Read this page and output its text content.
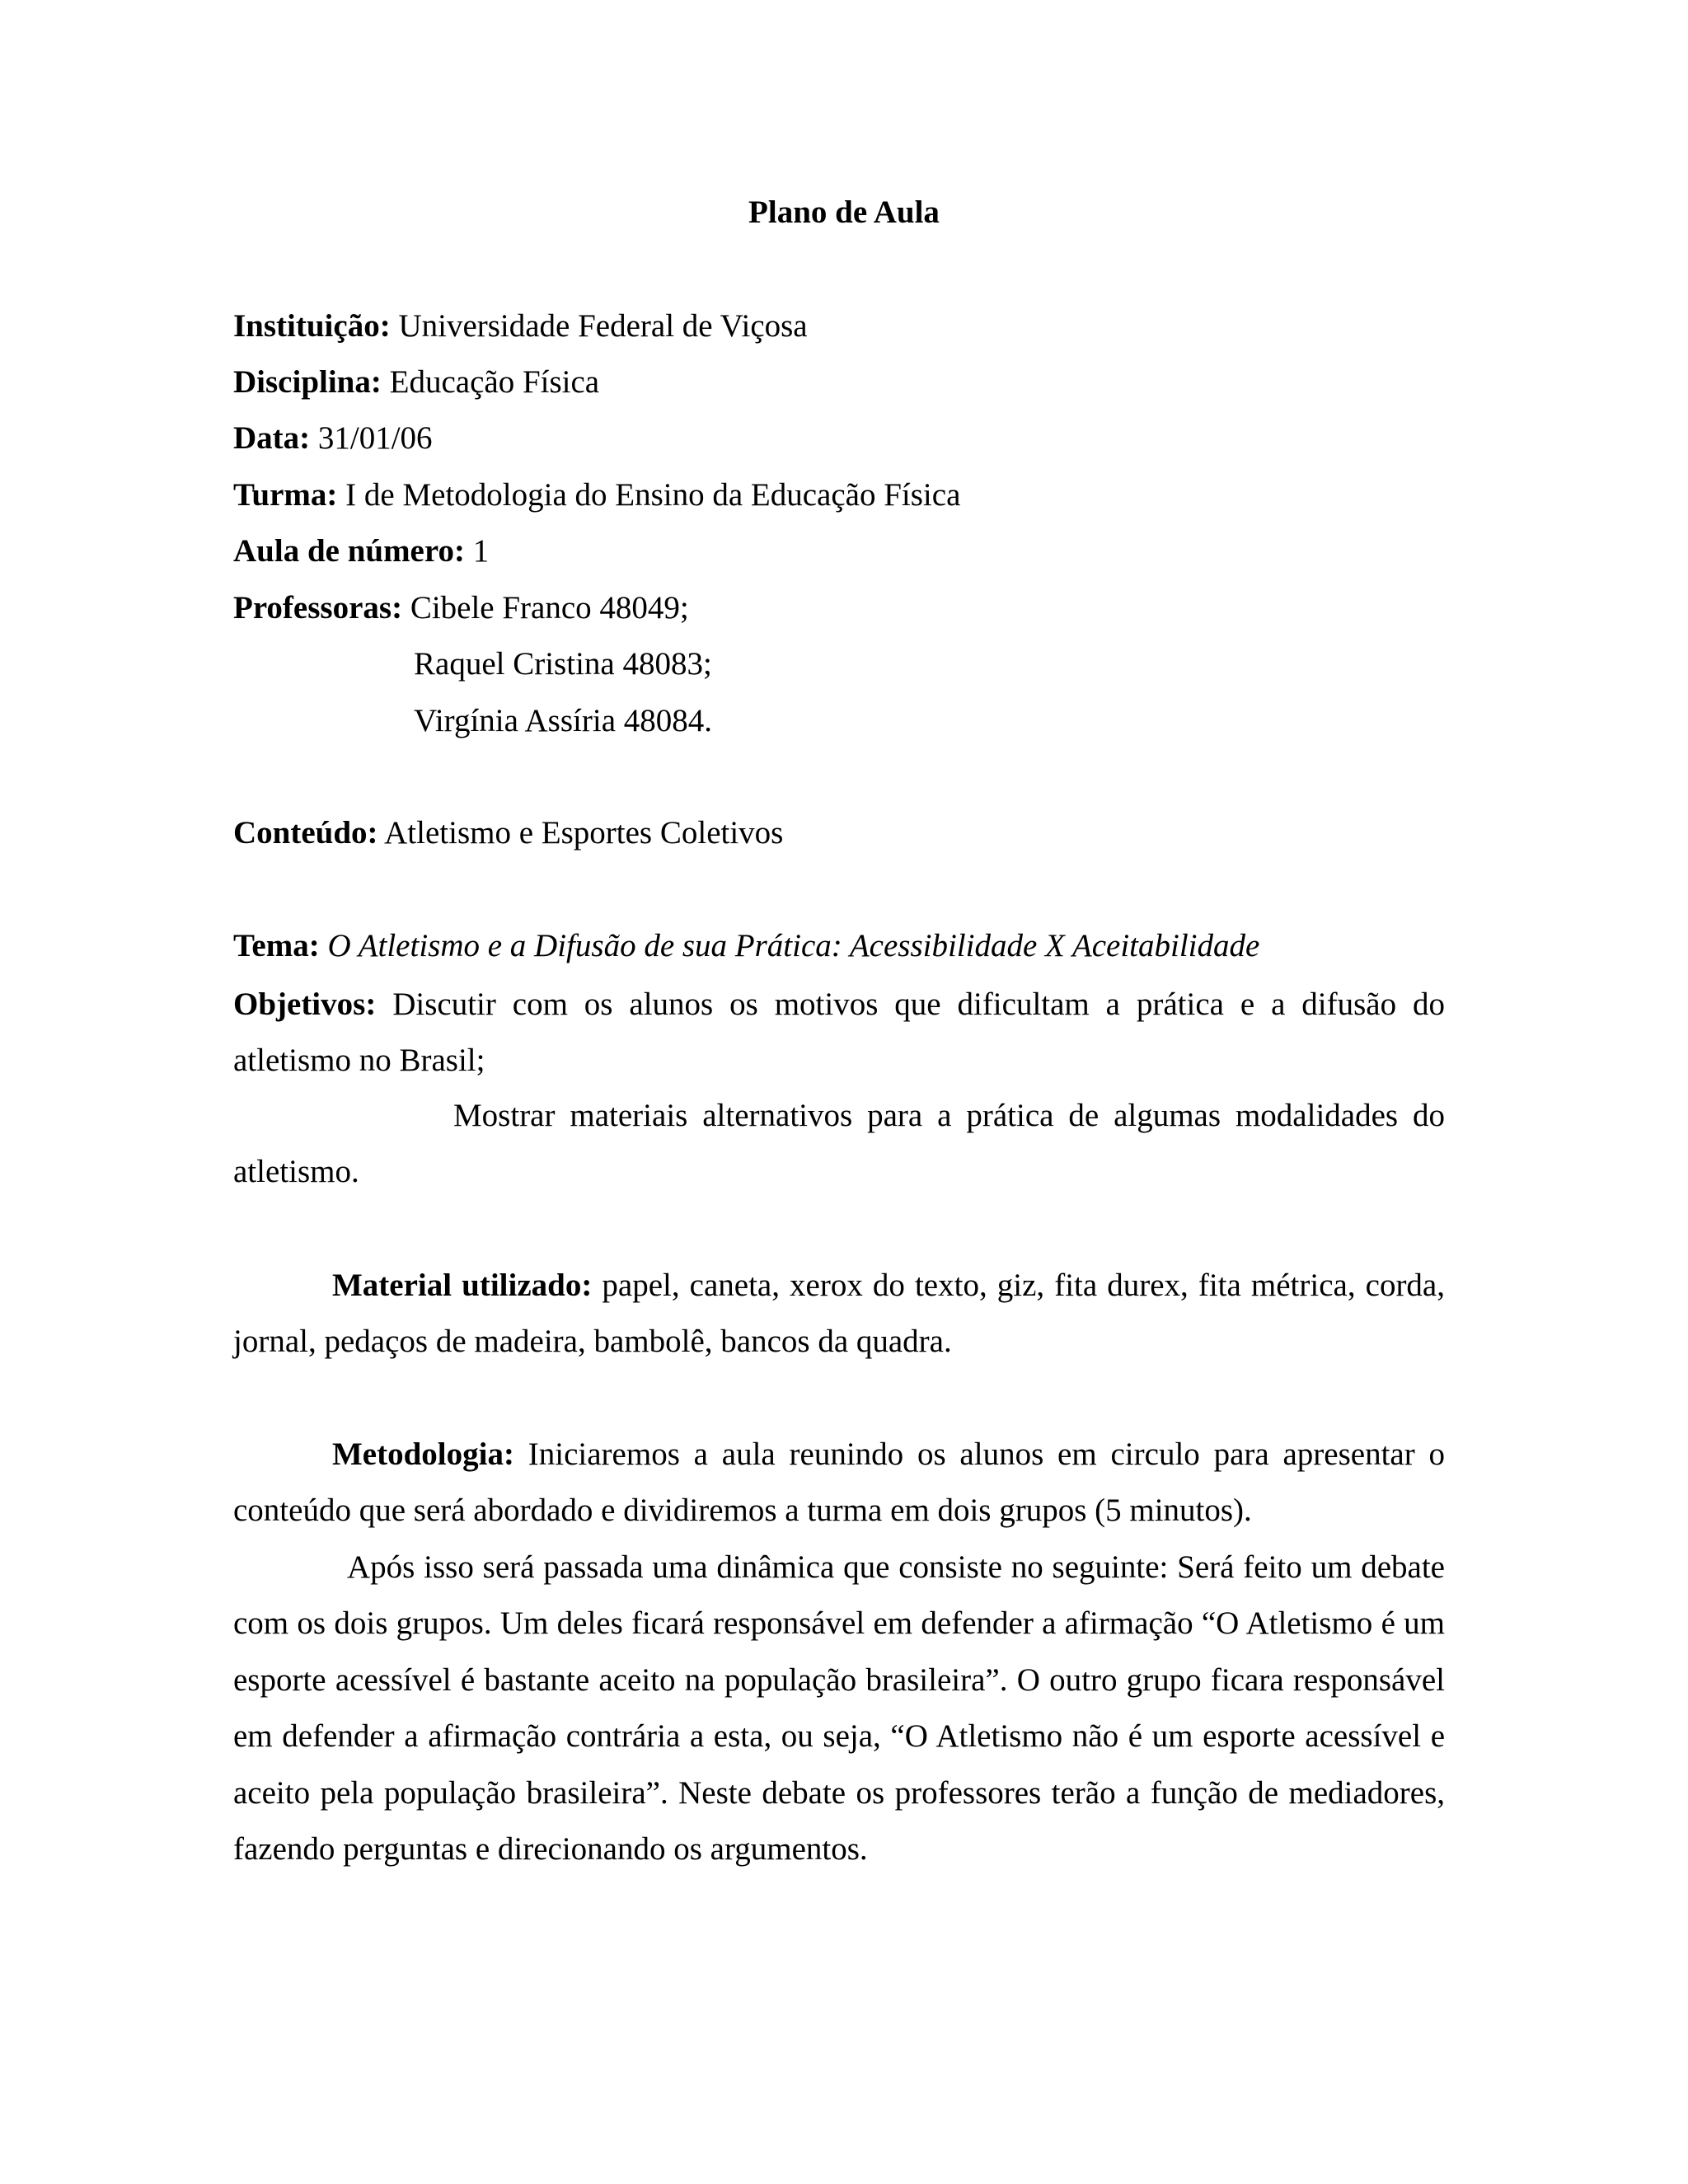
Plano de Aula
Instituição: Universidade Federal de Viçosa
Disciplina: Educação Física
Data: 31/01/06
Turma: I de Metodologia do Ensino da Educação Física
Aula de número: 1
Professoras: Cibele Franco 48049;
Raquel Cristina 48083;
Virgínia Assíria 48084.
Conteúdo: Atletismo e Esportes Coletivos
Tema: O Atletismo e a Difusão de sua Prática: Acessibilidade X Aceitabilidade
Objetivos: Discutir com os alunos os motivos que dificultam a prática e a difusão do atletismo no Brasil;
Mostrar materiais alternativos para a prática de algumas modalidades do
atletismo.
Material utilizado: papel, caneta, xerox do texto, giz, fita durex, fita métrica, corda, jornal, pedaços de madeira, bambolê, bancos da quadra.
Metodologia: Iniciaremos a aula reunindo os alunos em circulo para apresentar o conteúdo que será abordado e dividiremos a turma em dois grupos (5 minutos).
Após isso será passada uma dinâmica que consiste no seguinte: Será feito um debate com os dois grupos. Um deles ficará responsável em defender a afirmação “O Atletismo é um esporte acessível é bastante aceito na população brasileira”. O outro grupo ficara responsável em defender a afirmação contrária a esta, ou seja, “O Atletismo não é um esporte acessível e aceito pela população brasileira”. Neste debate os professores terão a função de mediadores, fazendo perguntas e direcionando os argumentos.
